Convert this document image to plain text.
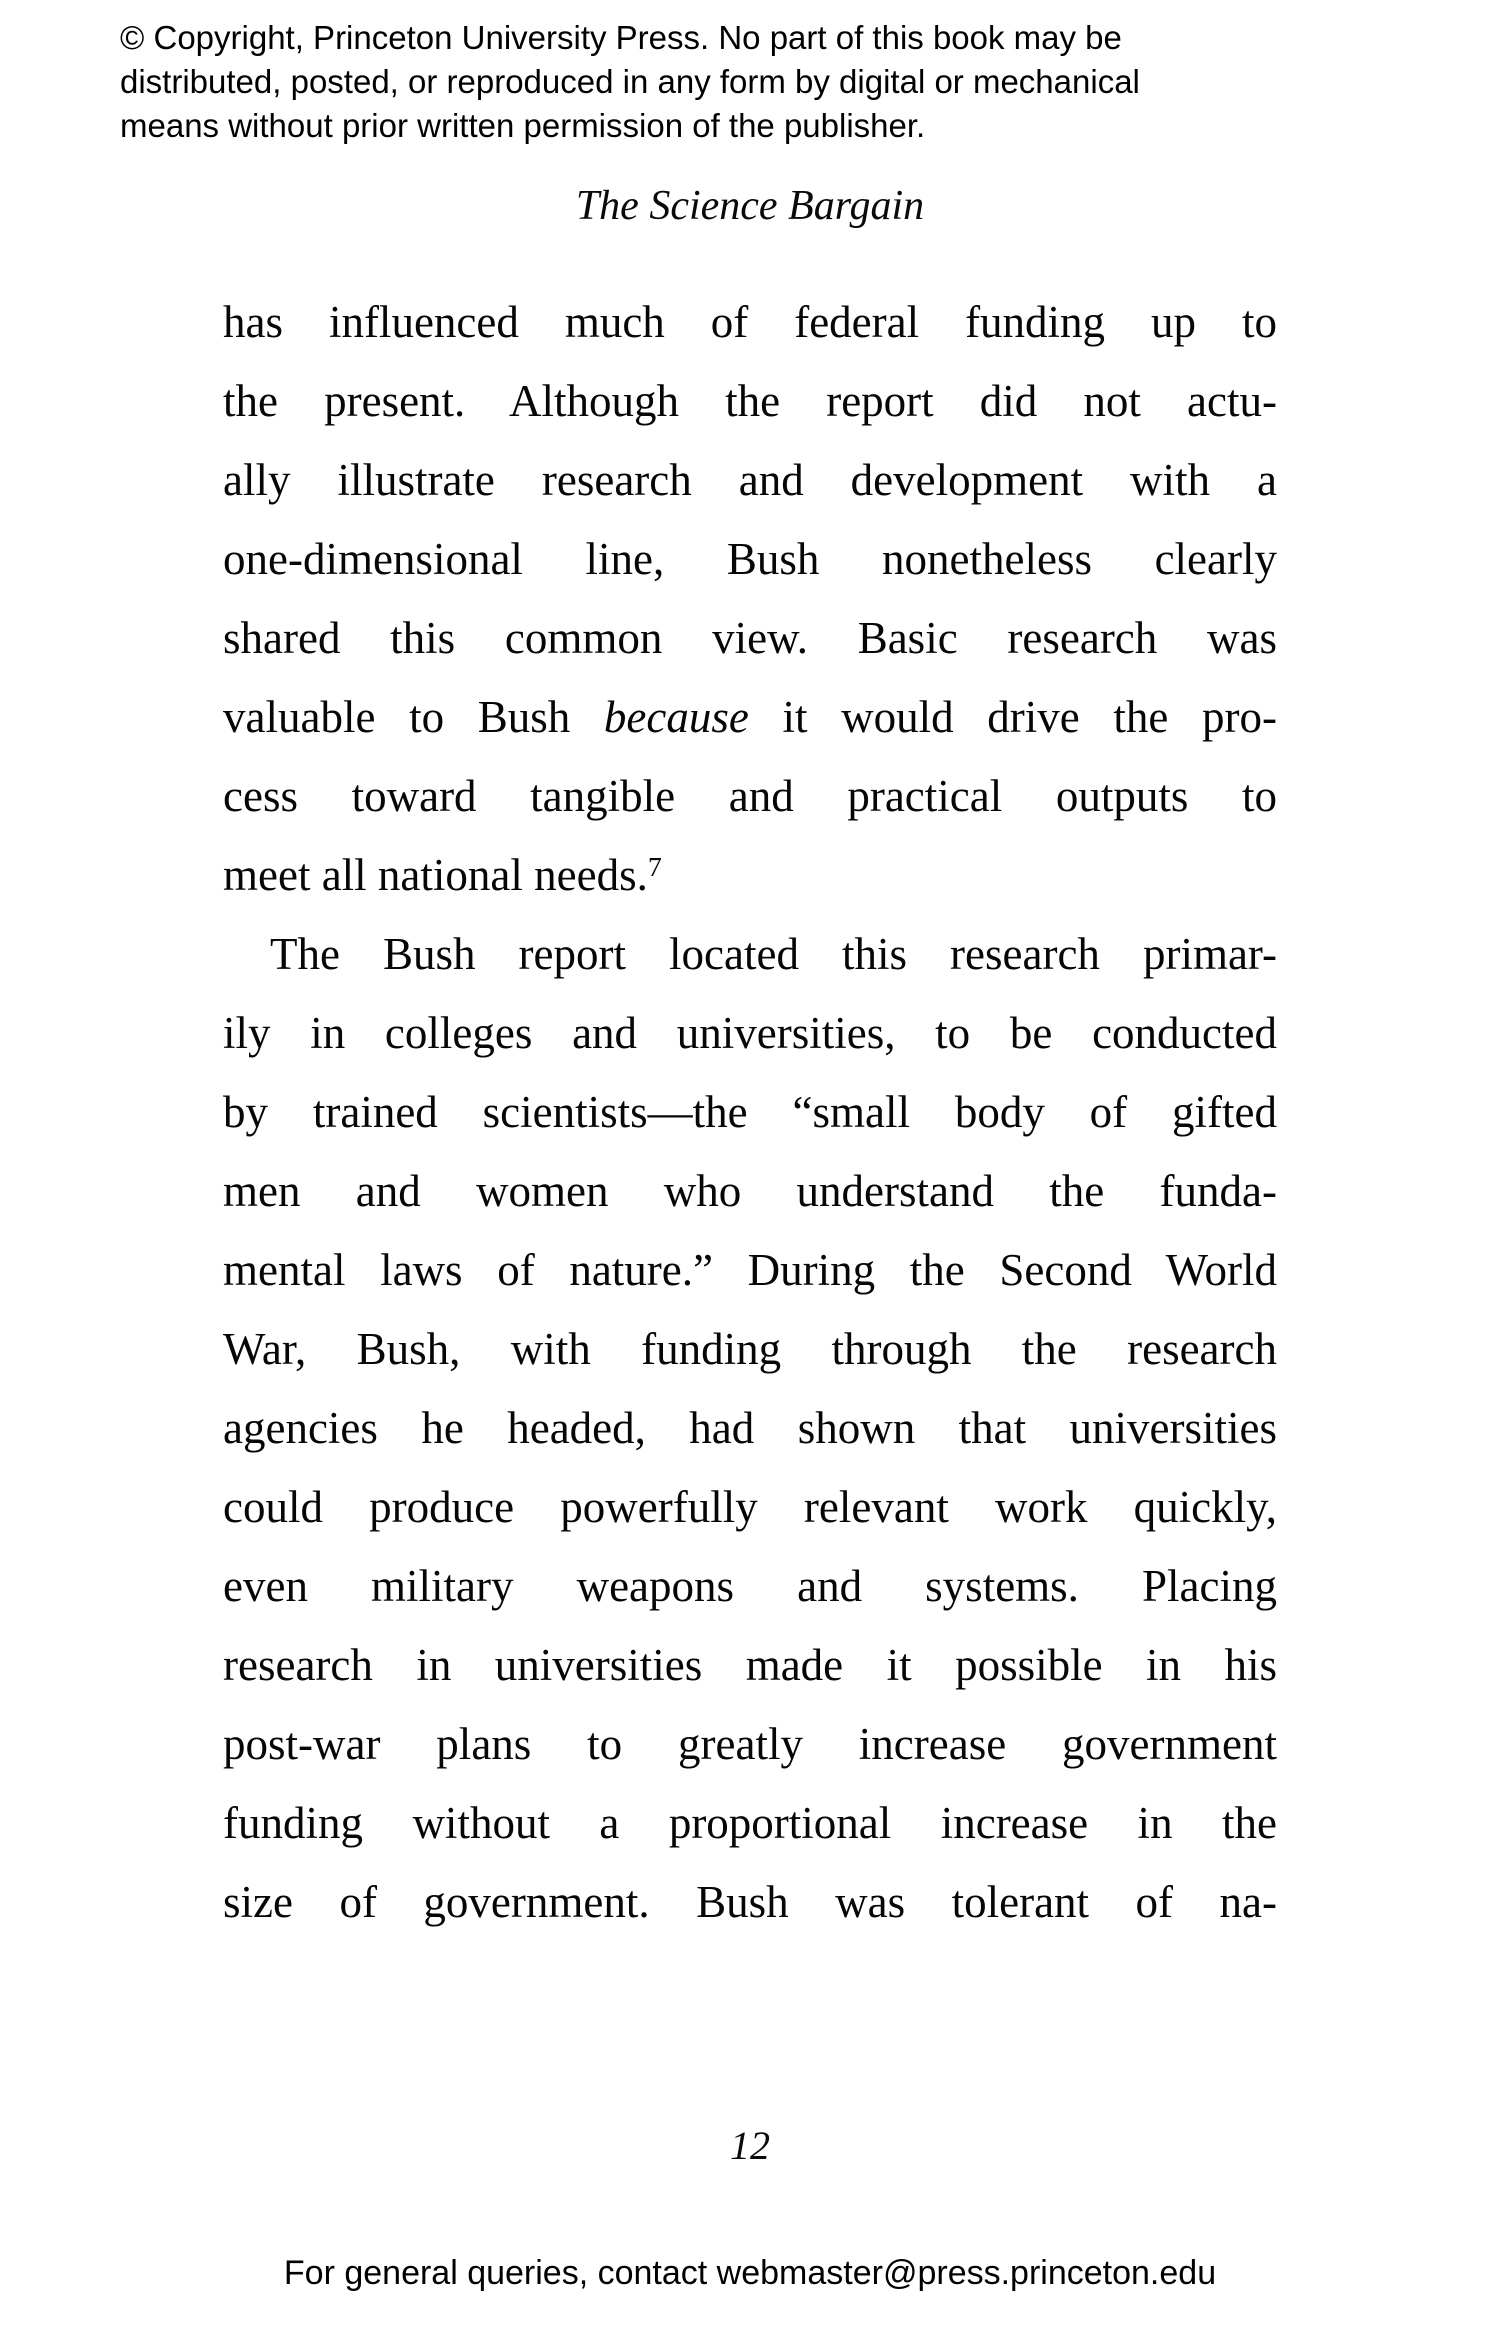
© Copyright, Princeton University Press. No part of this book may be
distributed, posted, or reproduced in any form by digital or mechanical
means without prior written permission of the publisher.
The Science Bargain
has influenced much of federal funding up to
the present. Although the report did not actu-
ally illustrate research and development with a
one-dimensional line, Bush nonetheless clearly
shared this common view. Basic research was
valuable to Bush because it would drive the pro-
cess toward tangible and practical outputs to
meet all national needs.$^7$
The Bush report located this research primar-
ily in colleges and universities, to be conducted
by trained scientists—the “small body of gifted
men and women who understand the funda-
mental laws of nature.” During the Second World
War, Bush, with funding through the research
agencies he headed, had shown that universities
could produce powerfully relevant work quickly,
even military weapons and systems. Placing
research in universities made it possible in his
post-war plans to greatly increase government
funding without a proportional increase in the
size of government. Bush was tolerant of na-
12
For general queries, contact webmaster@press.princeton.edu
